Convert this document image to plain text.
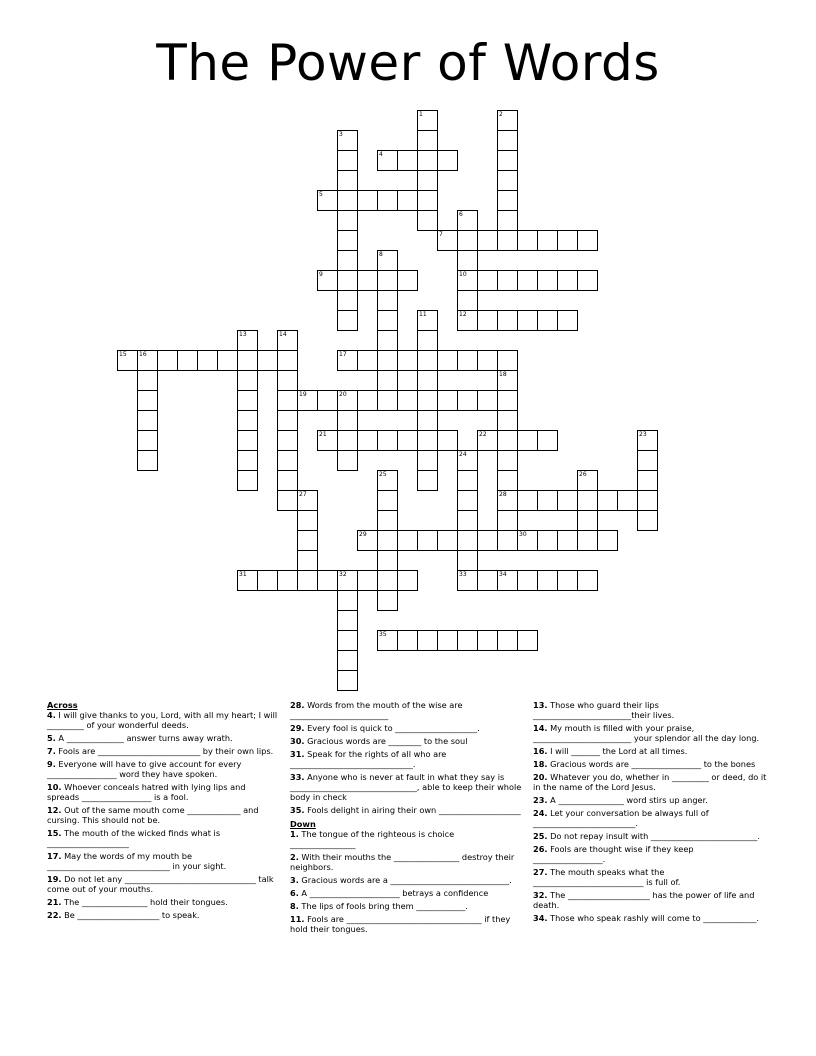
The Power of Words
1	2
3
4
5
6
10
7
8
9
11	12
13	14
15 16	17
18
28
19	20
21	22	23
24
33
25	26
27
29	30
31	32	34
35
Across
4. I will give thanks to you, Lord, with all my heart; I will _________ of your wonderful deeds.
5. A ______________ answer turns away wrath.
7. Fools are _________________________ by their own lips.
9. Everyone will have to give account for every _________________ word they have spoken.
10. Whoever conceals hatred with lying lips and spreads _________________ is a fool.
12. Out of the same mouth come _____________ and cursing. This should not be.
15. The mouth of the wicked finds what is ____________________
17. May the words of my mouth be ______________________________ in your sight.
19. Do not let any ________________________________ talk come out of your mouths.
21. The ________________ hold their tongues.
22. Be ____________________ to speak.
28. Words from the mouth of the wise are ________________________
29. Every fool is quick to ____________________.
30. Gracious words are ________ to the soul
31. Speak for the rights of all who are ______________________________.
33. Anyone who is never at fault in what they say is _______________________________, able to keep their whole body in check
35. Fools delight in airing their own ____________________
Down
1. The tongue of the righteous is choice ________________
2. With their mouths the ________________ destroy their neighbors.
3. Gracious words are a _____________________________.
6. A ______________________ betrays a confidence
8. The lips of fools bring them ____________.
11. Fools are _________________________________ if they hold their tongues.
13. Those who guard their lips ________________________their lives.
14. My mouth is filled with your praise, ________________________ your splendor all the day long.
16. I will _______ the Lord at all times.
18. Gracious words are _________________ to the bones
20. Whatever you do, whether in _________ or deed, do it in the name of the Lord Jesus.
23. A ________________ word stirs up anger.
24. Let your conversation be always full of _________________________.
25. Do not repay insult with __________________________.
26. Fools are thought wise if they keep _________________.
27. The mouth speaks what the ___________________________ is full of.
32. The ____________________ has the power of life and death.
34. Those who speak rashly will come to _____________.
